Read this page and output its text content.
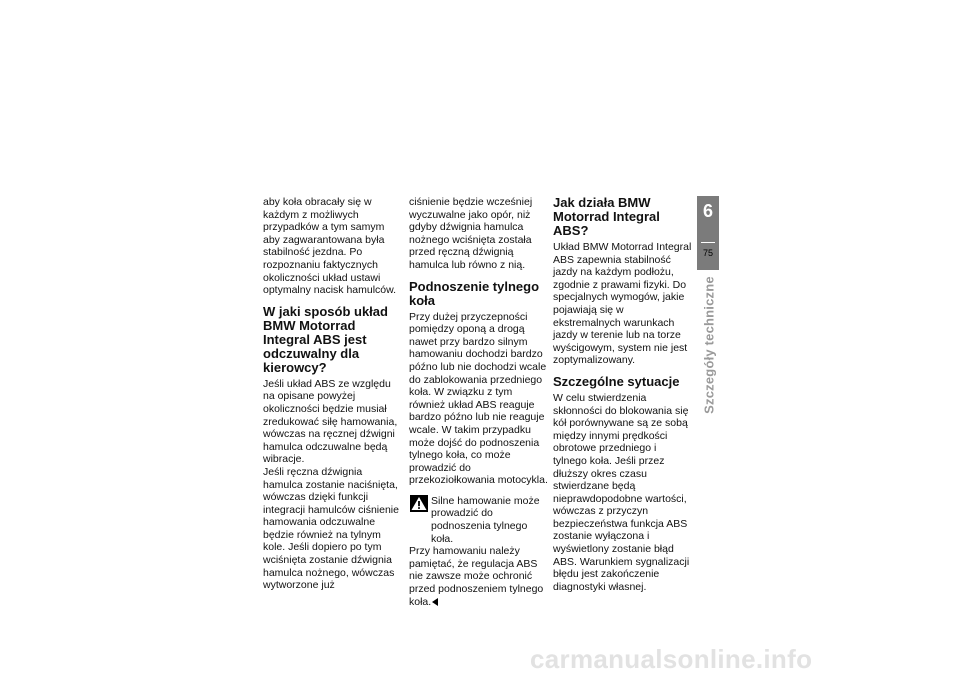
aby koła obracały się w każdym z możliwych przypadków a tym samym aby zagwarantowana była stabilność jezdna. Po rozpoznaniu faktycznych okoliczności układ ustawi optymalny nacisk hamulców.

W jaki sposób układ BMW Motorrad Integral ABS jest odczuwalny dla kierowcy?

Jeśli układ ABS ze względu na opisane powyżej okoliczności będzie musiał zredukować siłę hamowania, wówczas na ręcznej dźwigni hamulca odczuwalne będą wibracje.

Jeśli ręczna dźwignia hamulca zostanie naciśnięta, wówczas dzięki funkcji integracji hamulców ciśnienie hamowania odczuwalne będzie również na tylnym kole. Jeśli dopiero po tym wciśnięta zostanie dźwignia hamulca nożnego, wówczas wytworzone już

ciśnienie będzie wcześniej wyczuwalne jako opór, niż gdyby dźwignia hamulca nożnego wciśnięta została przed ręczną dźwignią hamulca lub równo z nią.

Podnoszenie tylnego koła

Przy dużej przyczepności pomiędzy oponą a drogą nawet przy bardzo silnym hamowaniu dochodzi bardzo późno lub nie dochodzi wcale do zablokowania przedniego koła. W związku z tym również układ ABS reaguje bardzo późno lub nie reaguje wcale. W takim przypadku może dojść do podnoszenia tylnego koła, co może prowadzić do przekoziołkowania motocykla.

Silne hamowanie może prowadzić do podnoszenia tylnego koła.

Przy hamowaniu należy pamiętać, że regulacja ABS nie zawsze może ochronić przed podnoszeniem tylnego koła.

Jak działa BMW Motorrad Integral ABS?

Układ BMW Motorrad Integral ABS zapewnia stabilność jazdy na każdym podłożu, zgodnie z prawami fizyki. Do specjalnych wymogów, jakie pojawiają się w ekstremalnych warunkach jazdy w terenie lub na torze wyścigowym, system nie jest zoptymalizowany.

Szczególne sytuacje

W celu stwierdzenia skłonności do blokowania się kół porównywane są ze sobą między innymi prędkości obrotowe przedniego i tylnego koła. Jeśli przez dłuższy okres czasu stwierdzane będą nieprawdopodobne wartości, wówczas z przyczyn bezpieczeństwa funkcja ABS zostanie wyłączona i wyświetlony zostanie błąd ABS. Warunkiem sygnalizacji błędu jest zakończenie diagnostyki własnej.

6
75
Szczegóły techniczne
carmanualsonline.info
